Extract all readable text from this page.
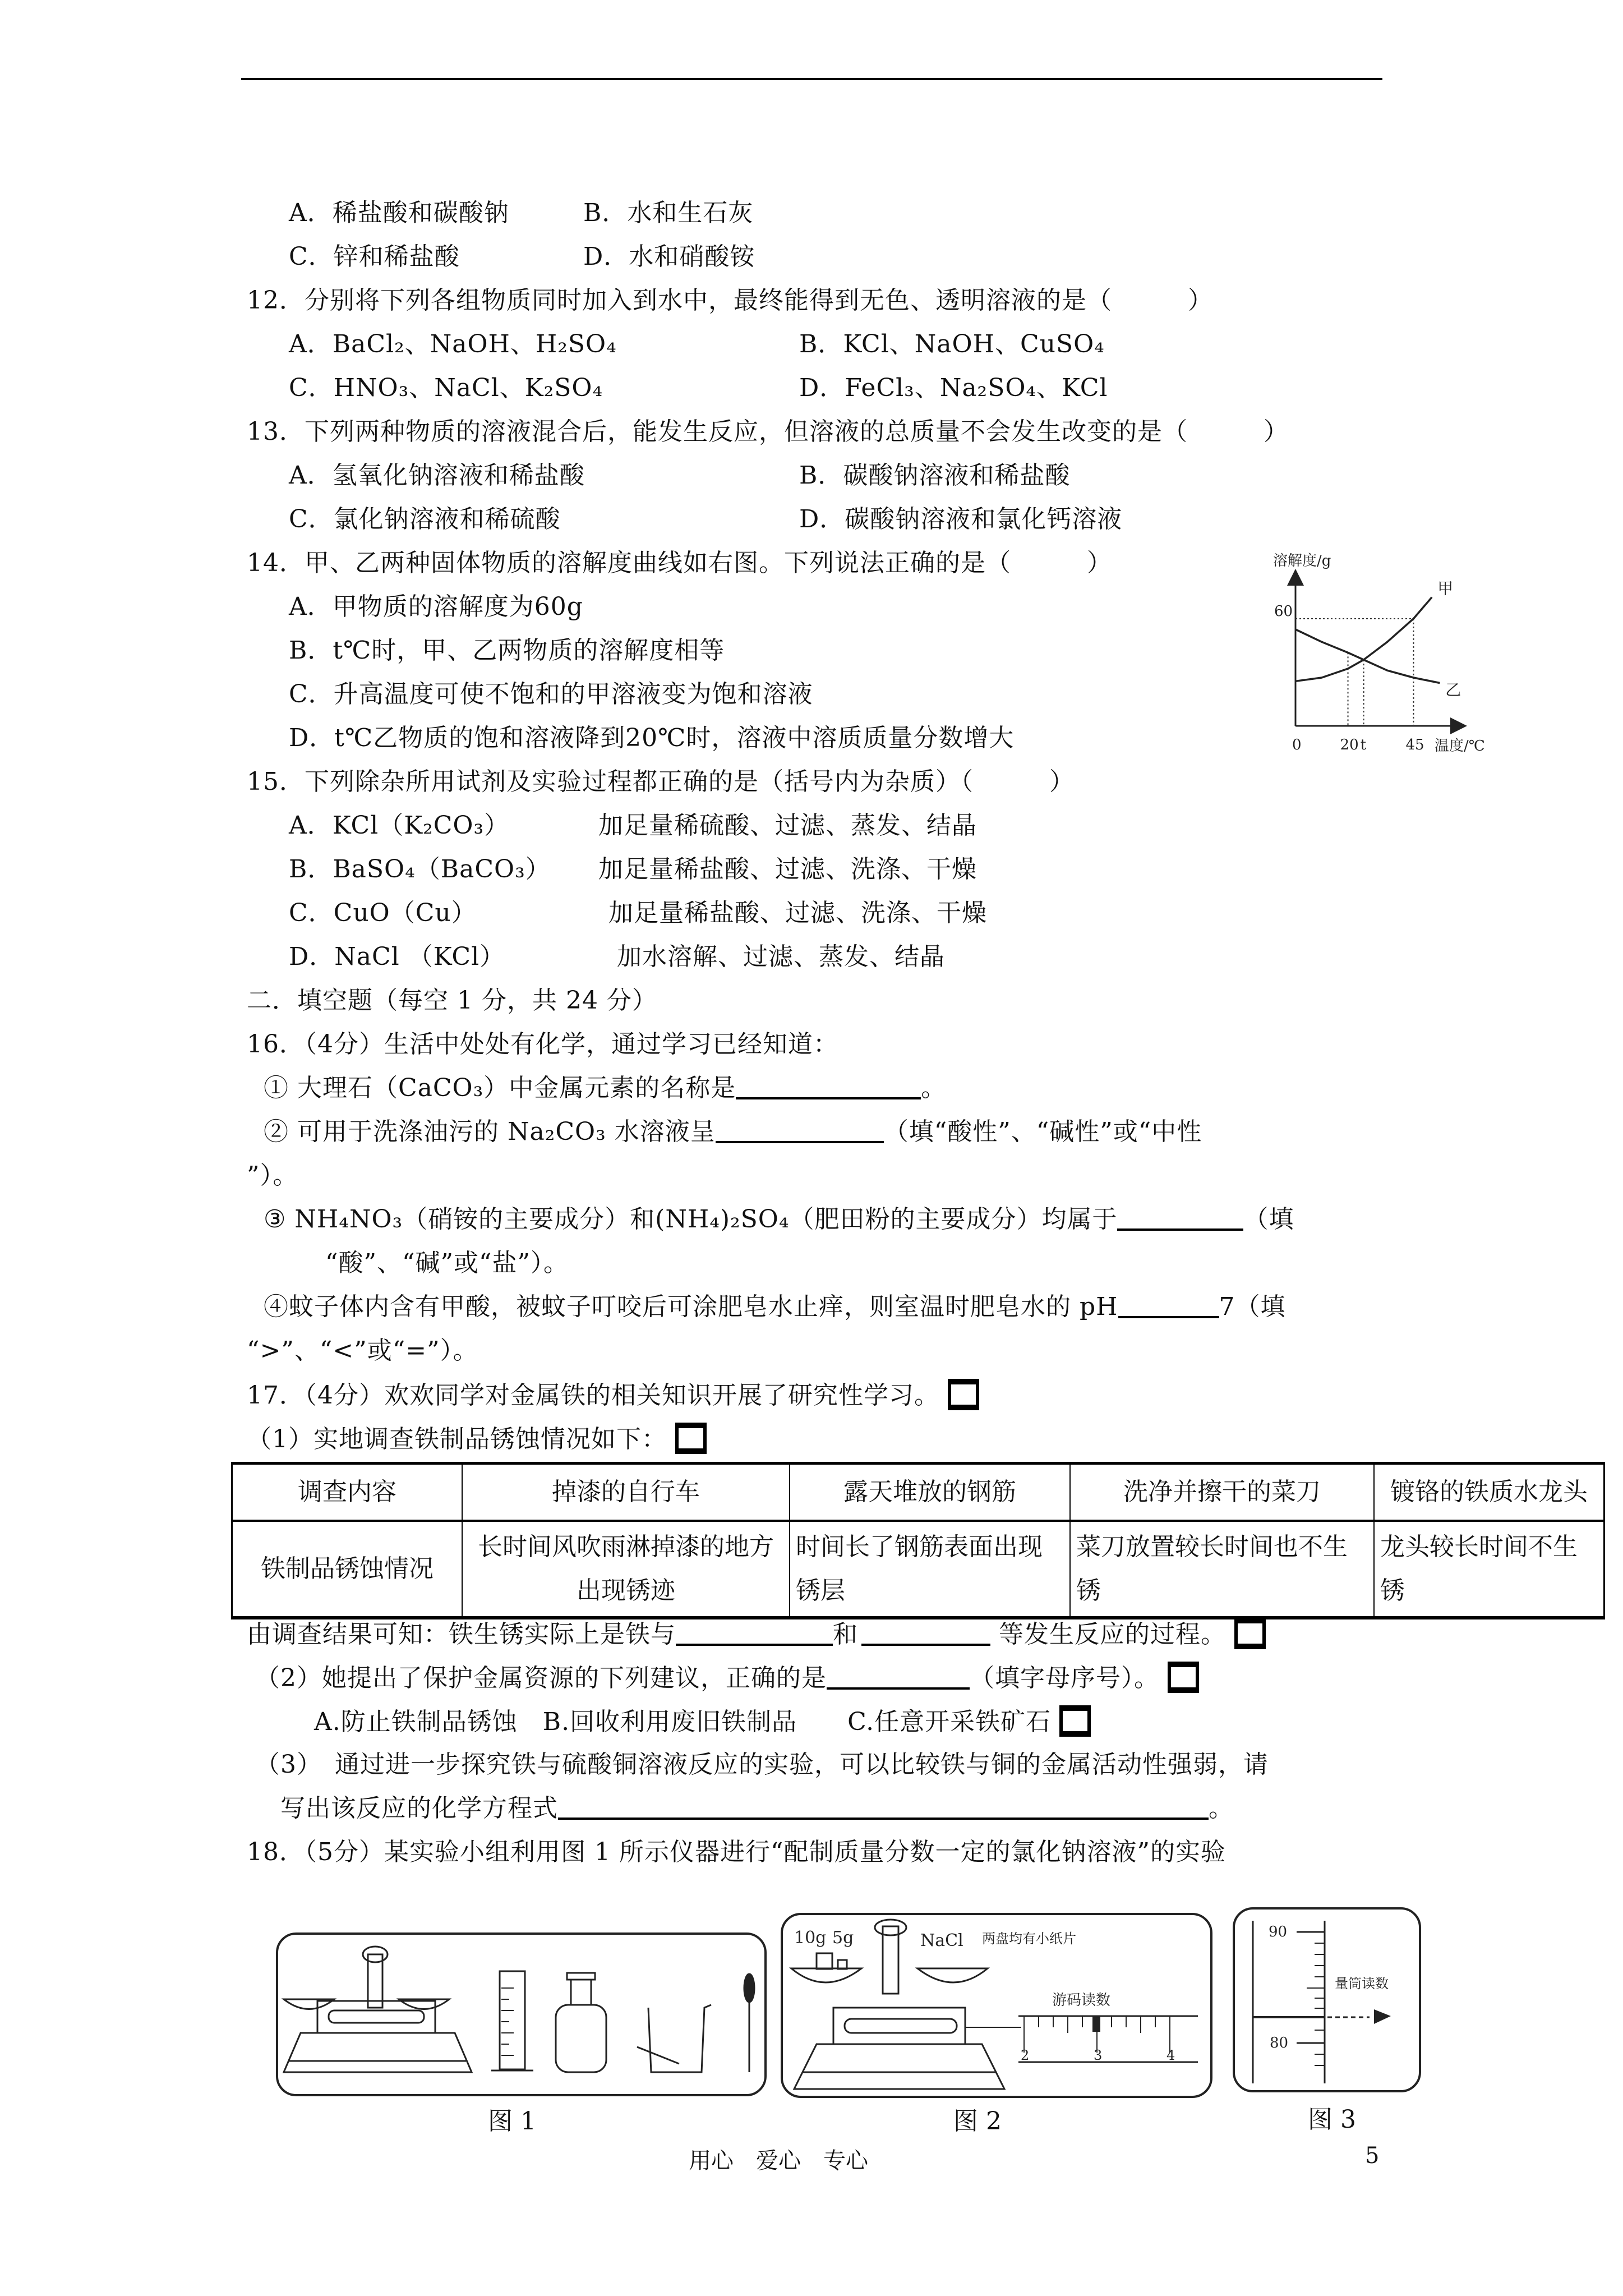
A．稀盐酸和碳酸钠	B．水和生石灰
C．锌和稀盐酸	D．水和硝酸铵
12．分别将下列各组物质同时加入到水中，最终能得到无色、透明溶液的是（　　　）
A．BaCl₂、NaOH、H₂SO₄	B．KCl、NaOH、CuSO₄
C．HNO₃、NaCl、K₂SO₄	D．FeCl₃、Na₂SO₄、KCl
13．下列两种物质的溶液混合后，能发生反应，但溶液的总质量不会发生改变的是（　　　）
A．氢氧化钠溶液和稀盐酸	B．碳酸钠溶液和稀盐酸
C．氯化钠溶液和稀硫酸	D．碳酸钠溶液和氯化钙溶液
14．甲、乙两种固体物质的溶解度曲线如右图。下列说法正确的是（　　　）
A．甲物质的溶解度为60g
B．t℃时，甲、乙两物质的溶解度相等
C．升高温度可使不饱和的甲溶液变为饱和溶液
D．t℃乙物质的饱和溶液降到20℃时，溶液中溶质质量分数增大
溶解度/g
温度/℃
60
0	20 t	45
甲
乙
15．下列除杂所用试剂及实验过程都正确的是（括号内为杂质）（　　　）
A．KCl（K₂CO₃）	加足量稀硫酸、过滤、蒸发、结晶
B．BaSO₄（BaCO₃） 加足量稀盐酸、过滤、洗涤、干燥
C．CuO（Cu）	加足量稀盐酸、过滤、洗涤、干燥
D．NaCl （KCl）	加水溶解、过滤、蒸发、结晶
二．填空题（每空 1 分，共 24 分）
16．（4分）生活中处处有化学，通过学习已经知道：
① 大理石（CaCO₃）中金属元素的名称是	。
② 可用于洗涤油污的 Na₂CO₃ 水溶液呈	（填“酸性”、“碱性”或“中性
”）。
③ NH₄NO₃（硝铵的主要成分）和(NH₄)₂SO₄（肥田粉的主要成分）均属于	（填
“酸”、“碱”或“盐”）。
④蚊子体内含有甲酸，被蚊子叮咬后可涂肥皂水止痒，则室温时肥皂水的 pH	7（填
“>”、“<”或“=”）。
17．（4分）欢欢同学对金属铁的相关知识开展了研究性学习。
（1）实地调查铁制品锈蚀情况如下：
调查内容	掉漆的自行车	露天堆放的钢筋	洗净并擦干的菜刀	镀铬的铁质水龙头
铁制品锈蚀情况	长时间风吹雨淋掉漆的地方出现锈迹	时间长了钢筋表面出现锈层	菜刀放置较长时间也不生锈	龙头较长时间不生锈
由调查结果可知：铁生锈实际上是铁与	和	等发生反应的过程。
（2）她提出了保护金属资源的下列建议，正确的是	（填字母序号）。
A.防止铁制品锈蚀　B.回收利用废旧铁制品　　C.任意开采铁矿石
（3）　通过进一步探究铁与硫酸铜溶液反应的实验，可以比较铁与铜的金属活动性强弱，请
写出该反应的化学方程式	。
18．（5分）某实验小组利用图 1 所示仪器进行“配制质量分数一定的氯化钠溶液”的实验
图 1
10g 5g	NaCl 两盘均有小纸片
游码读数
2	3	4
图 2
90
80
量筒读数
图 3
用心　爱心　专心	5
